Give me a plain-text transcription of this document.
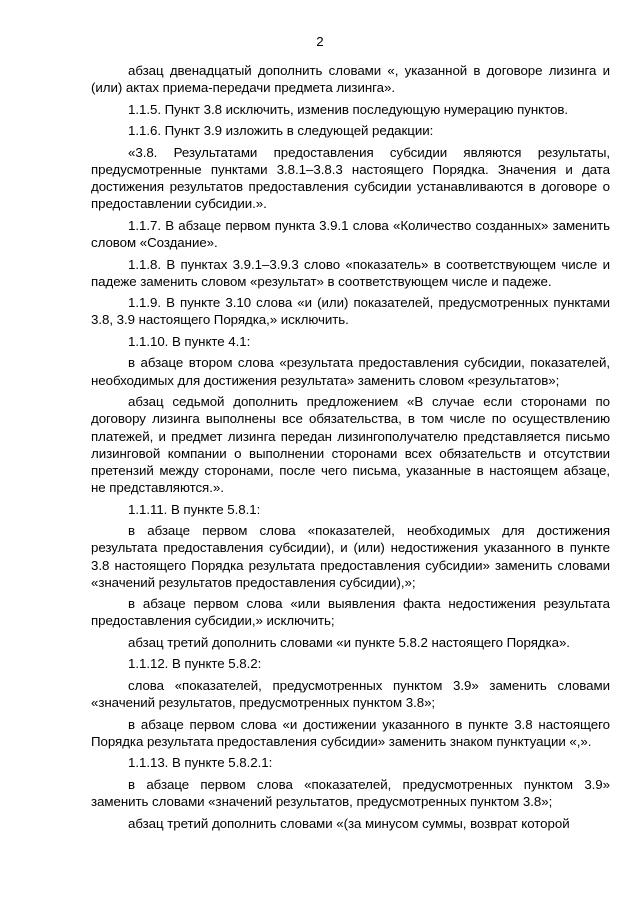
2

абзац двенадцатый дополнить словами «, указанной в договоре лизинга и (или) актах приема-передачи предмета лизинга».

1.1.5. Пункт 3.8 исключить, изменив последующую нумерацию пунктов.

1.1.6. Пункт 3.9 изложить в следующей редакции:

«3.8. Результатами предоставления субсидии являются результаты, предусмотренные пунктами 3.8.1–3.8.3 настоящего Порядка. Значения и дата достижения результатов предоставления субсидии устанавливаются в договоре о предоставлении субсидии.».

1.1.7. В абзаце первом пункта 3.9.1 слова «Количество созданных» заменить словом «Создание».

1.1.8. В пунктах 3.9.1–3.9.3 слово «показатель» в соответствующем числе и падеже заменить словом «результат» в соответствующем числе и падеже.

1.1.9. В пункте 3.10 слова «и (или) показателей, предусмотренных пунктами 3.8, 3.9 настоящего Порядка,» исключить.

1.1.10. В пункте 4.1:

в абзаце втором слова «результата предоставления субсидии, показателей, необходимых для достижения результата» заменить словом «результатов»;

абзац седьмой дополнить предложением «В случае если сторонами по договору лизинга выполнены все обязательства, в том числе по осуществлению платежей, и предмет лизинга передан лизингополучателю представляется письмо лизинговой компании о выполнении сторонами всех обязательств и отсутствии претензий между сторонами, после чего письма, указанные в настоящем абзаце, не представляются.».

1.1.11. В пункте 5.8.1:

в абзаце первом слова «показателей, необходимых для достижения результата предоставления субсидии), и (или) недостижения указанного в пункте 3.8 настоящего Порядка результата предоставления субсидии» заменить словами «значений результатов предоставления субсидии),»;

в абзаце первом слова «или выявления факта недостижения результата предоставления субсидии,» исключить;

абзац третий дополнить словами «и пункте 5.8.2 настоящего Порядка».

1.1.12. В пункте 5.8.2:

слова «показателей, предусмотренных пунктом 3.9» заменить словами «значений результатов, предусмотренных пунктом 3.8»;

в абзаце первом слова «и достижении указанного в пункте 3.8 настоящего Порядка результата предоставления субсидии» заменить знаком пунктуации «,».

1.1.13. В пункте 5.8.2.1:

в абзаце первом слова «показателей, предусмотренных пунктом 3.9» заменить словами «значений результатов, предусмотренных пунктом 3.8»;

абзац третий дополнить словами «(за минусом суммы, возврат которой
